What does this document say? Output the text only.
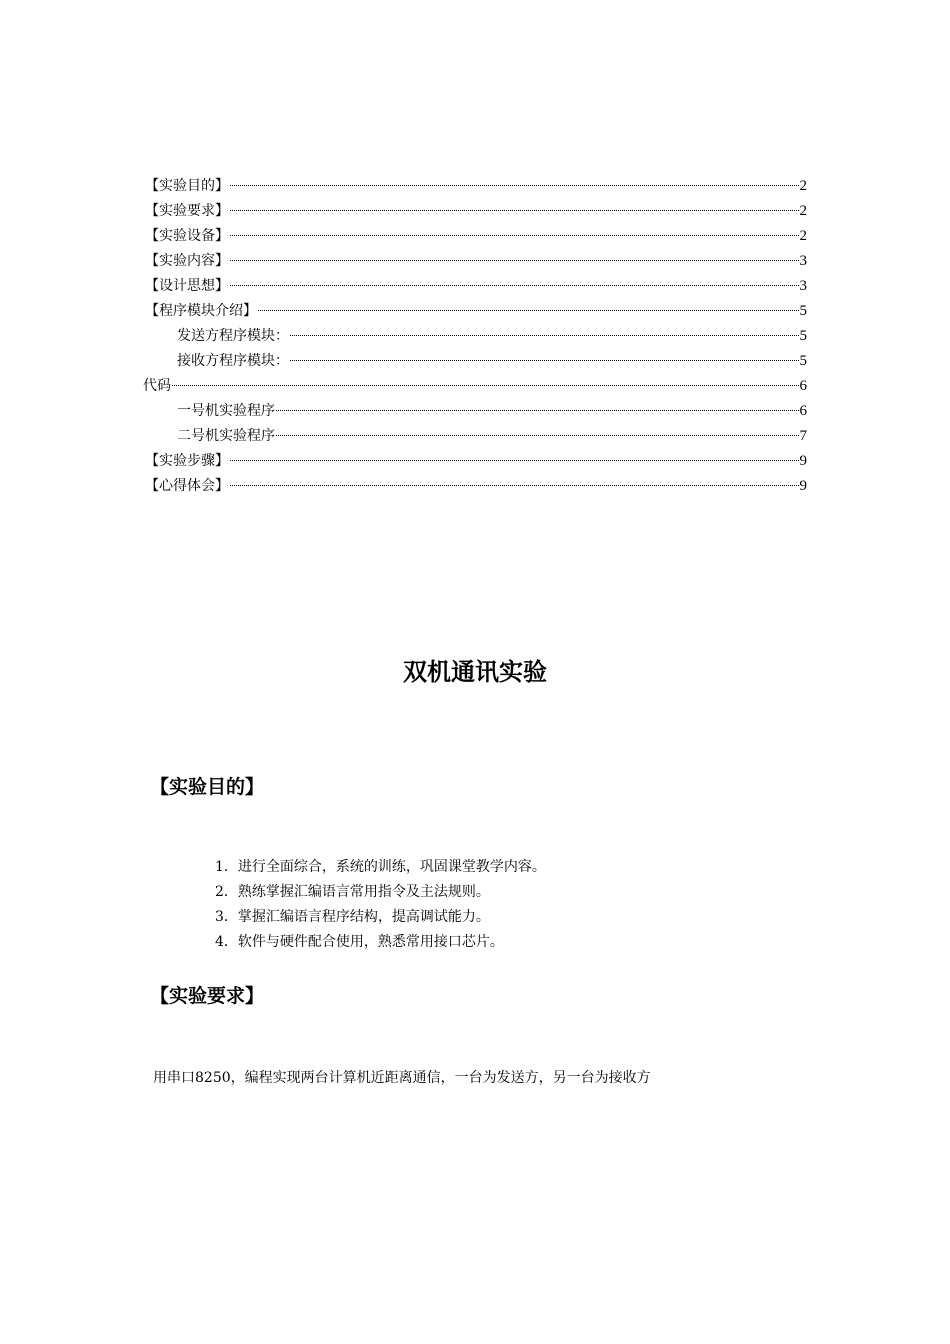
【实验目的】	2
【实验要求】	2
【实验设备】	2
【实验内容】	3
【设计思想】	3
【程序模块介绍】	5
发送方程序模块：	5
接收方程序模块：	5
代码	6
一号机实验程序	6
二号机实验程序	7
【实验步骤】	9
【心得体会】	9
双机通讯实验
【实验目的】
1．进行全面综合，系统的训练，巩固课堂教学内容。
2．熟练掌握汇编语言常用指令及主法规则。
3．掌握汇编语言程序结构，提高调试能力。
4．软件与硬件配合使用，熟悉常用接口芯片。
【实验要求】
用串口8250，编程实现两台计算机近距离通信，一台为发送方，另一台为接收方
